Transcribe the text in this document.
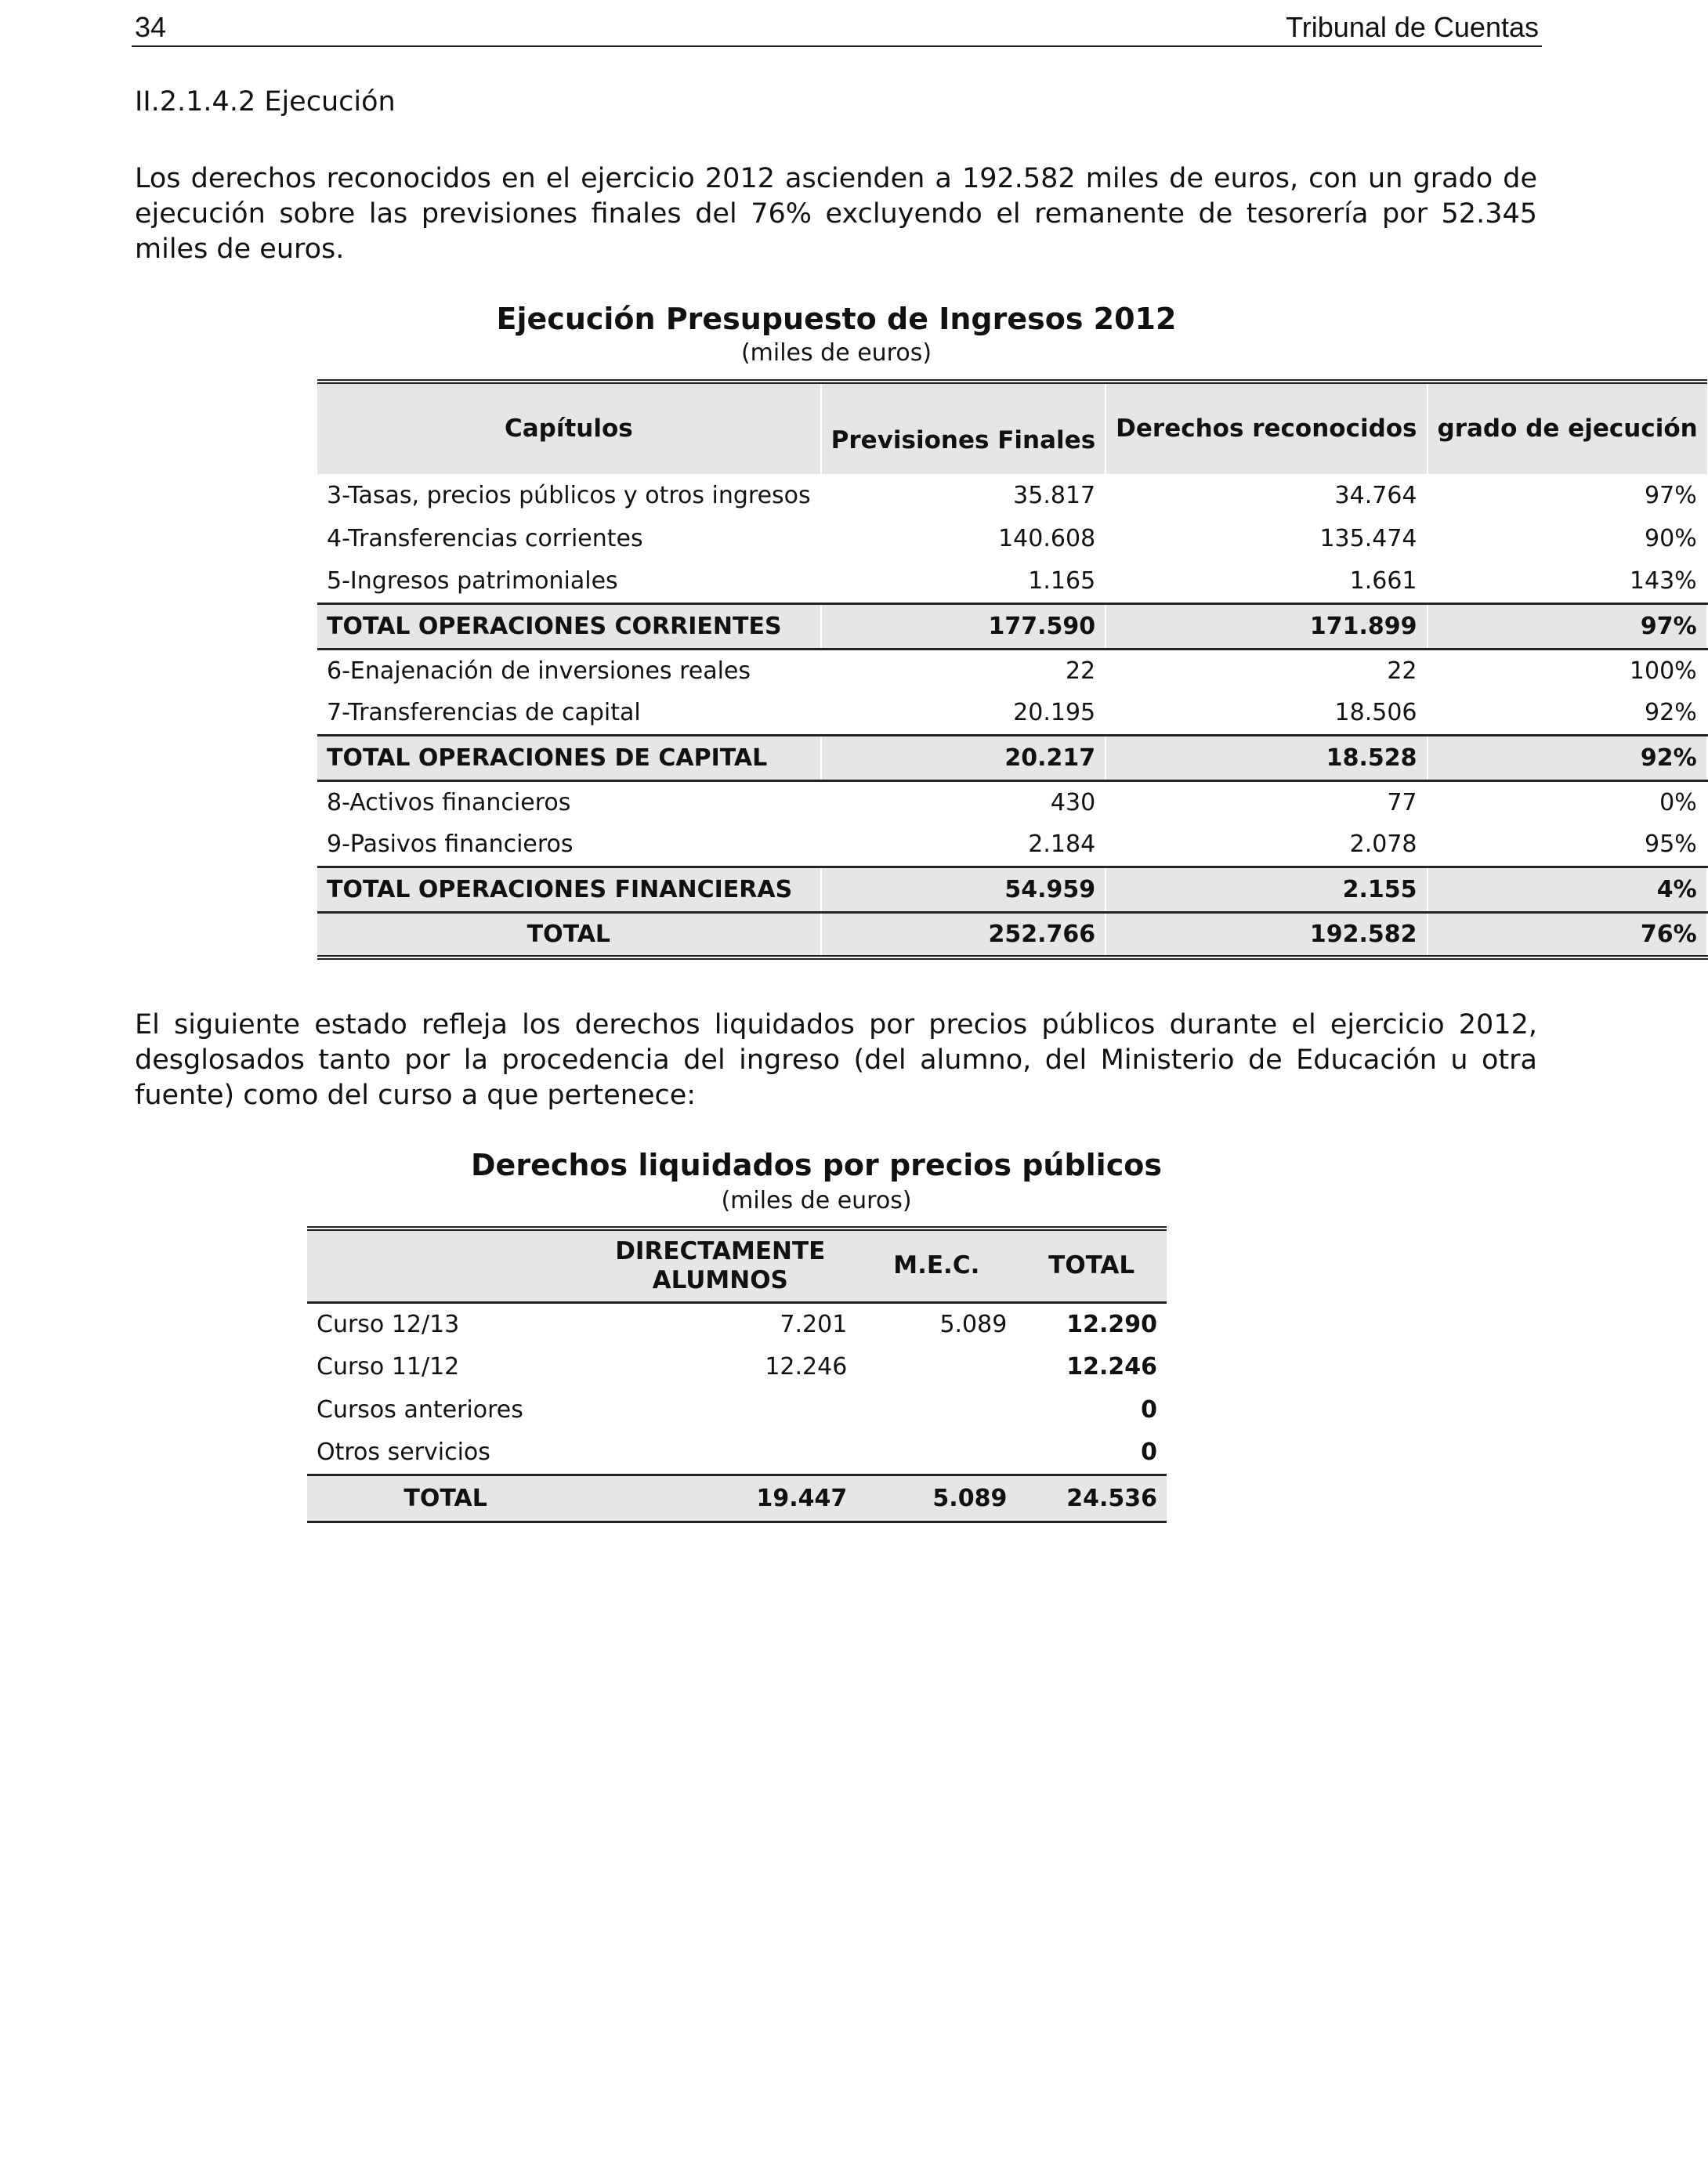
34	Tribunal de Cuentas
II.2.1.4.2 Ejecución

Los derechos reconocidos en el ejercicio 2012 ascienden a 192.582 miles de euros, con un grado de ejecución sobre las previsiones finales del 76% excluyendo el remanente de tesorería por 52.345 miles de euros.

Ejecución Presupuesto de Ingresos 2012
(miles de euros)
Capítulos	Previsiones Finales	Derechos reconocidos	grado de ejecución
3-Tasas, precios públicos y otros ingresos	35.817	34.764	97%
4-Transferencias corrientes	140.608	135.474	90%
5-Ingresos patrimoniales	1.165	1.661	143%
TOTAL OPERACIONES CORRIENTES	177.590	171.899	97%
6-Enajenación de inversiones reales	22	22	100%
7-Transferencias de capital	20.195	18.506	92%
TOTAL OPERACIONES DE CAPITAL	20.217	18.528	92%
8-Activos financieros	430	77	0%
9-Pasivos financieros	2.184	2.078	95%
TOTAL OPERACIONES FINANCIERAS	54.959	2.155	4%
TOTAL	252.766	192.582	76%

El siguiente estado refleja los derechos liquidados por precios públicos durante el ejercicio 2012, desglosados tanto por la procedencia del ingreso (del alumno, del Ministerio de Educación u otra fuente) como del curso a que pertenece:

Derechos liquidados por precios públicos
(miles de euros)
	DIRECTAMENTE ALUMNOS	M.E.C.	TOTAL
Curso 12/13	7.201	5.089	12.290
Curso 11/12	12.246		12.246
Cursos anteriores			0
Otros servicios			0
TOTAL	19.447	5.089	24.536
